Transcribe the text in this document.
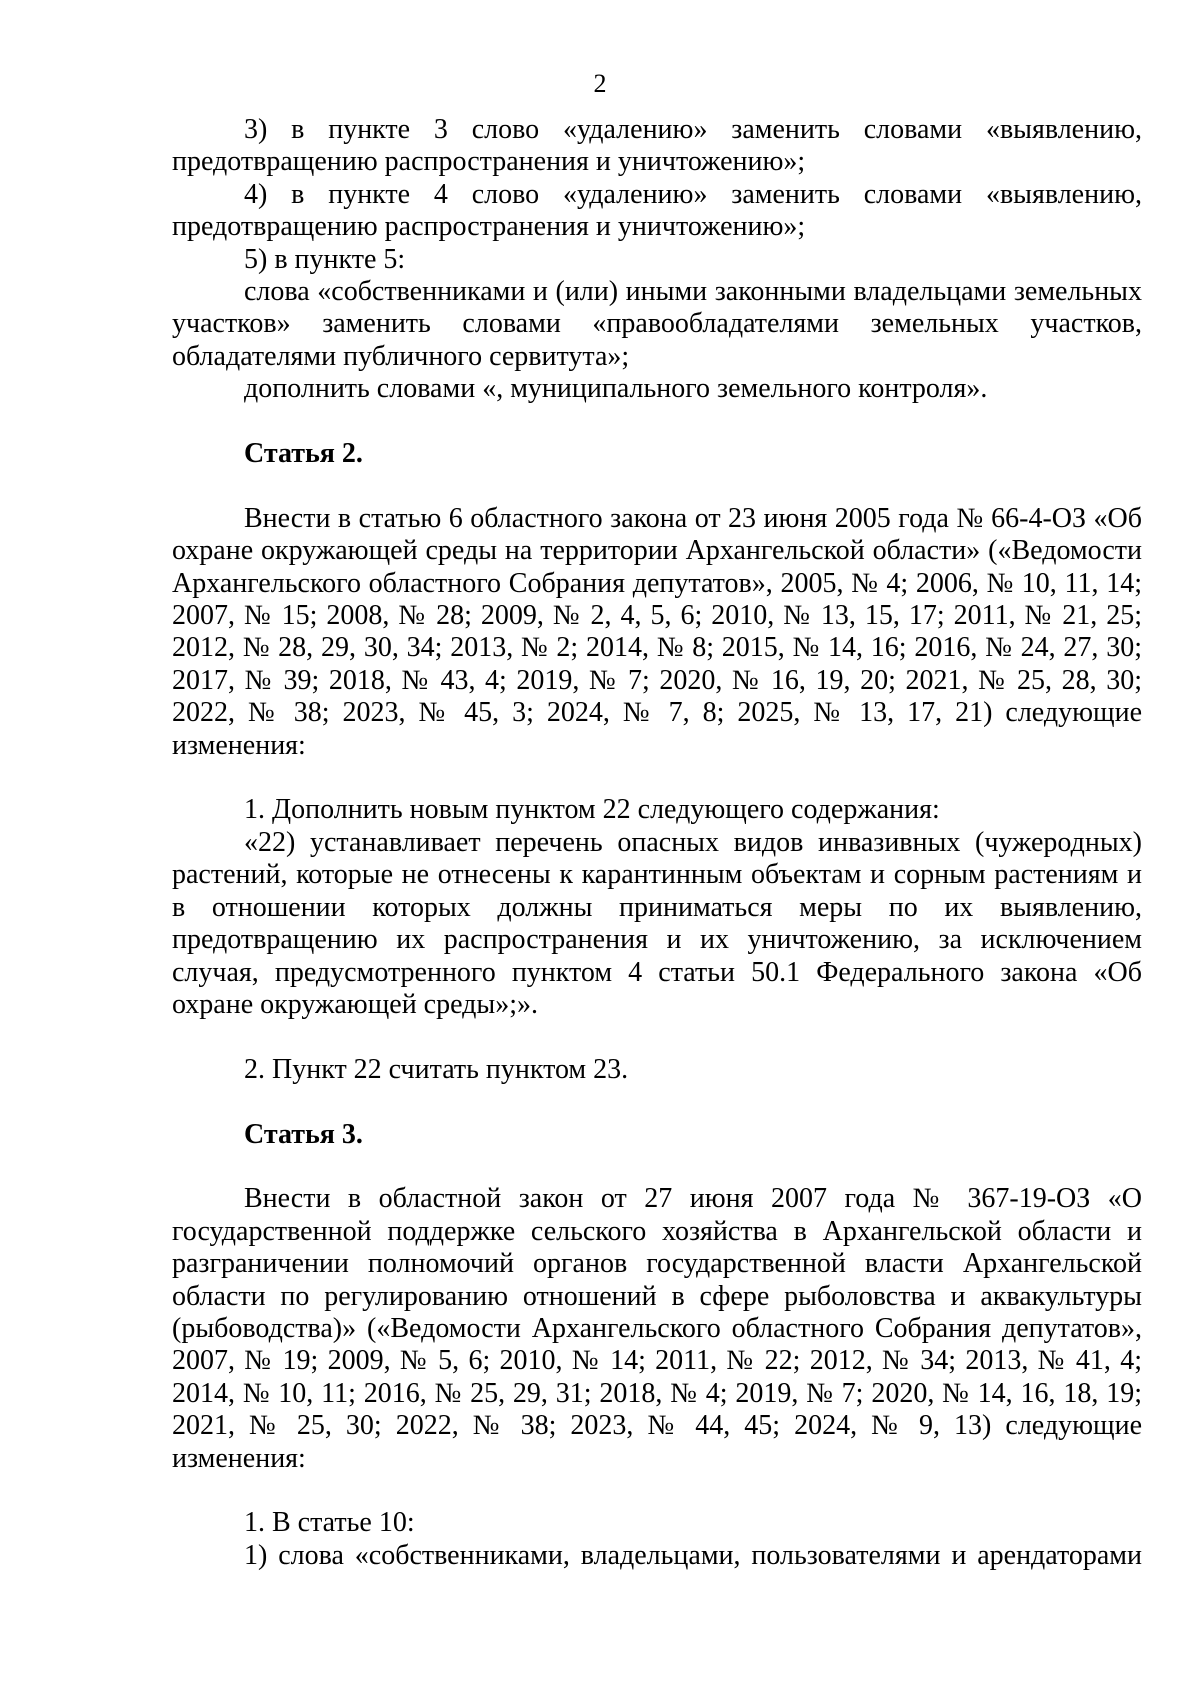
2

3) в пункте 3 слово «удалению» заменить словами «выявлению, предотвращению распространения и уничтожению»;

4) в пункте 4 слово «удалению» заменить словами «выявлению, предотвращению распространения и уничтожению»;

5) в пункте 5:

слова «собственниками и (или) иными законными владельцами земельных участков» заменить словами «правообладателями земельных участков, обладателями публичного сервитута»;

дополнить словами «, муниципального земельного контроля».

Статья 2.

Внести в статью 6 областного закона от 23 июня 2005 года № 66-4-ОЗ «Об охране окружающей среды на территории Архангельской области» («Ведомости Архангельского областного Собрания депутатов», 2005, № 4; 2006, № 10, 11, 14; 2007, № 15; 2008, № 28; 2009, № 2, 4, 5, 6; 2010, № 13, 15, 17; 2011, № 21, 25; 2012, № 28, 29, 30, 34; 2013, № 2; 2014, № 8; 2015, № 14, 16; 2016, № 24, 27, 30; 2017, № 39; 2018, № 43, 4; 2019, № 7; 2020, № 16, 19, 20; 2021, № 25, 28, 30; 2022, № 38; 2023, № 45, 3; 2024, № 7, 8; 2025, № 13, 17, 21) следующие изменения:

1. Дополнить новым пунктом 22 следующего содержания:

«22) устанавливает перечень опасных видов инвазивных (чужеродных) растений, которые не отнесены к карантинным объектам и сорным растениям и в отношении которых должны приниматься меры по их выявлению, предотвращению их распространения и их уничтожению, за исключением случая, предусмотренного пунктом 4 статьи 50.1 Федерального закона «Об охране окружающей среды»;».

2. Пункт 22 считать пунктом 23.

Статья 3.

Внести в областной закон от 27 июня 2007 года № 367-19-ОЗ «О государственной поддержке сельского хозяйства в Архангельской области и разграничении полномочий органов государственной власти Архангельской области по регулированию отношений в сфере рыболовства и аквакультуры (рыбоводства)» («Ведомости Архангельского областного Собрания депутатов», 2007, № 19; 2009, № 5, 6; 2010, № 14; 2011, № 22; 2012, № 34; 2013, № 41, 4; 2014, № 10, 11; 2016, № 25, 29, 31; 2018, № 4; 2019, № 7; 2020, № 14, 16, 18, 19; 2021, № 25, 30; 2022, № 38; 2023, № 44, 45; 2024, № 9, 13) следующие изменения:

1. В статье 10:

1) слова «собственниками, владельцами, пользователями и арендаторами
